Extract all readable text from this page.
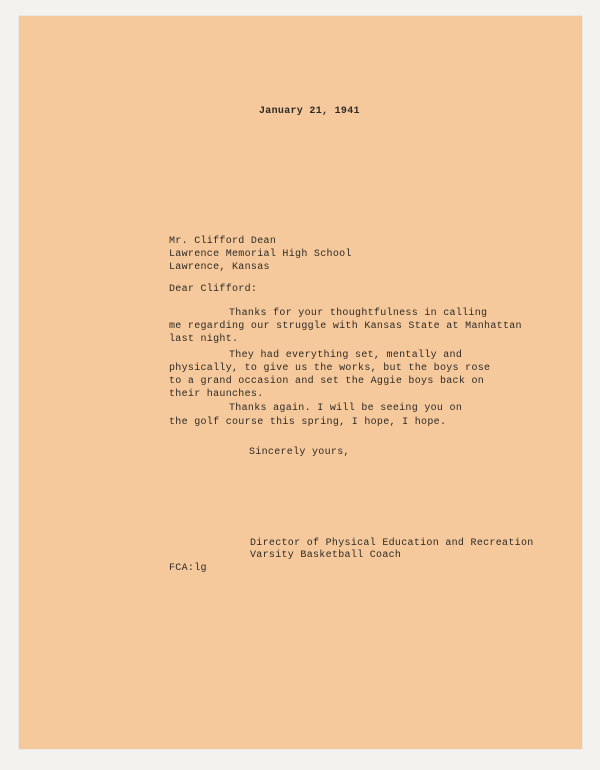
January 21, 1941
Mr. Clifford Dean
Lawrence Memorial High School
Lawrence, Kansas
Dear Clifford:
Thanks for your thoughtfulness in calling
me regarding our struggle with Kansas State at Manhattan
last night.
They had everything set, mentally and
physically, to give us the works, but the boys rose
to a grand occasion and set the Aggie boys back on
their haunches.
Thanks again. I will be seeing you on
the golf course this spring, I hope, I hope.
Sincerely yours,
Director of Physical Education and Recreation
Varsity Basketball Coach
FCA:lg
